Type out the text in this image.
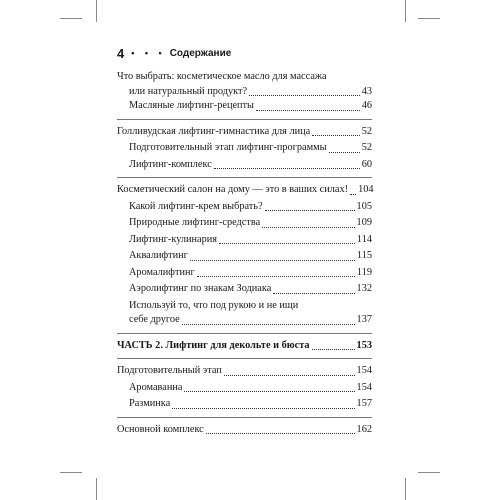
4 • • • Содержание
Что выбрать: косметическое масло для массажа
или натуральный продукт?	43
Масляные лифтинг-рецепты	46
Голливудская лифтинг-гимнастика для лица	52
Подготовительный этап лифтинг-программы	52
Лифтинг-комплекс	60
Косметический салон на дому — это в ваших силах! 104
Какой лифтинг-крем выбрать?	105
Природные лифтинг-средства	109
Лифтинг-кулинария	114
Аквалифтинг	115
Аромалифтинг	119
Аэролифтинг по знакам Зодиака	132
Используй то, что под рукою и не ищи
себе другое	137
ЧАСТЬ 2. Лифтинг для декольте и бюста	153
Подготовительный этап	154
Аромаванна	154
Разминка	157
Основной комплекс	162
